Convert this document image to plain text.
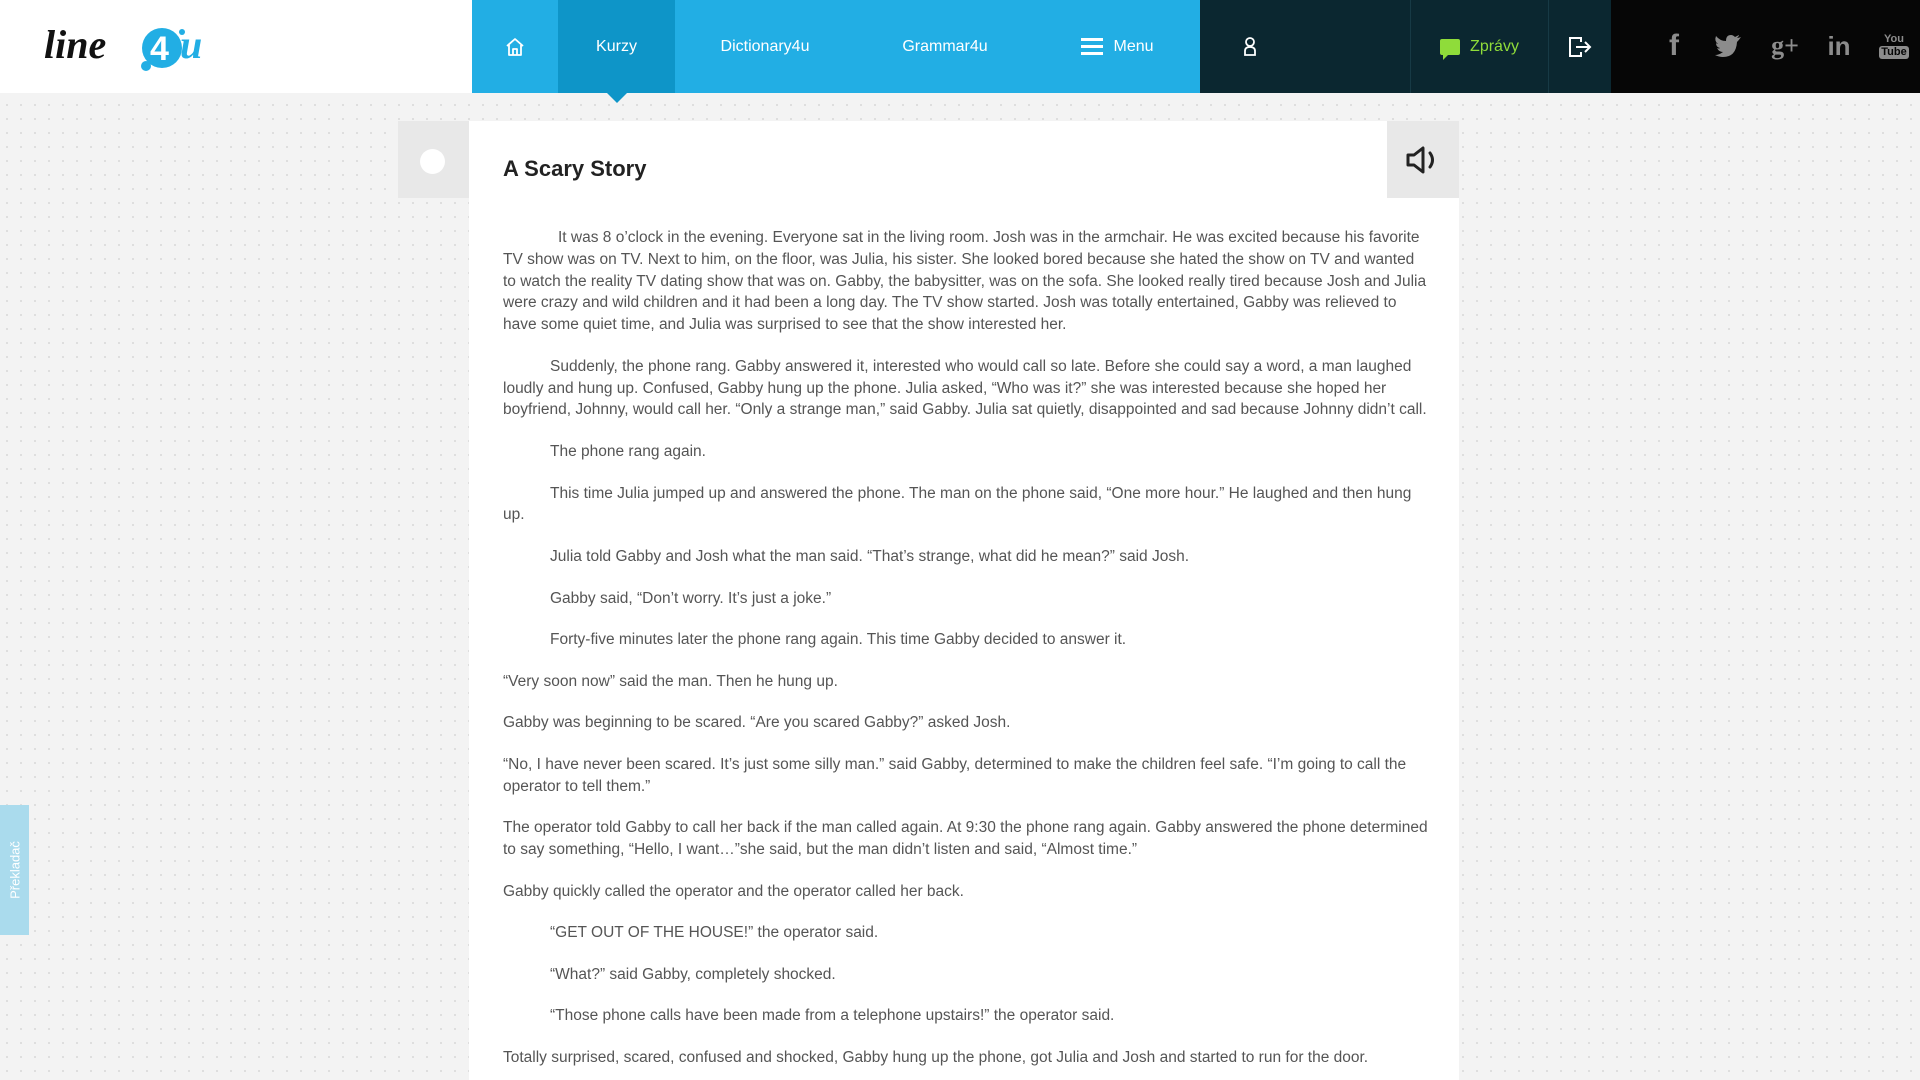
line 4 u	Kurzy	Dictionary4u	Grammar4u	Menu	Zprávy	f	g+ in	You
Tube
A Scary Story

It was 8 o’clock in the evening. Everyone sat in the living room. Josh was in the armchair. He was excited because his favorite TV show was on TV. Next to him, on the floor, was Julia, his sister. She looked bored because she hated the show on TV and wanted to watch the reality TV dating show that was on. Gabby, the babysitter, was on the sofa. She looked really tired because Josh and Julia were crazy and wild children and it had been a long day. The TV show started. Josh was totally entertained, Gabby was relieved to have some quiet time, and Julia was surprised to see that the show interested her.

Suddenly, the phone rang. Gabby answered it, interested who would call so late. Before she could say a word, a man laughed loudly and hung up. Confused, Gabby hung up the phone. Julia asked, “Who was it?” she was interested because she hoped her boyfriend, Johnny, would call her. “Only a strange man,” said Gabby. Julia sat quietly, disappointed and sad because Johnny didn’t call.

The phone rang again.

This time Julia jumped up and answered the phone. The man on the phone said, “One more hour.” He laughed and then hung up.

Julia told Gabby and Josh what the man said. “That’s strange, what did he mean?” said Josh.

Gabby said, “Don’t worry. It’s just a joke.”

Forty-five minutes later the phone rang again. This time Gabby decided to answer it.

“Very soon now” said the man. Then he hung up.

Gabby was beginning to be scared. “Are you scared Gabby?” asked Josh.

“No, I have never been scared. It’s just some silly man.” said Gabby, determined to make the children feel safe. “I’m going to call the operator to tell them.”

The operator told Gabby to call her back if the man called again. At 9:30 the phone rang again. Gabby answered the phone determined to say something, “Hello, I want…”she said, but the man didn’t listen and said, “Almost time.”

Gabby quickly called the operator and the operator called her back.

“GET OUT OF THE HOUSE!” the operator said.

“What?” said Gabby, completely shocked.

“Those phone calls have been made from a telephone upstairs!” the operator said.

Totally surprised, scared, confused and shocked, Gabby hung up the phone, got Julia and Josh and started to run for the door.

Překladač
